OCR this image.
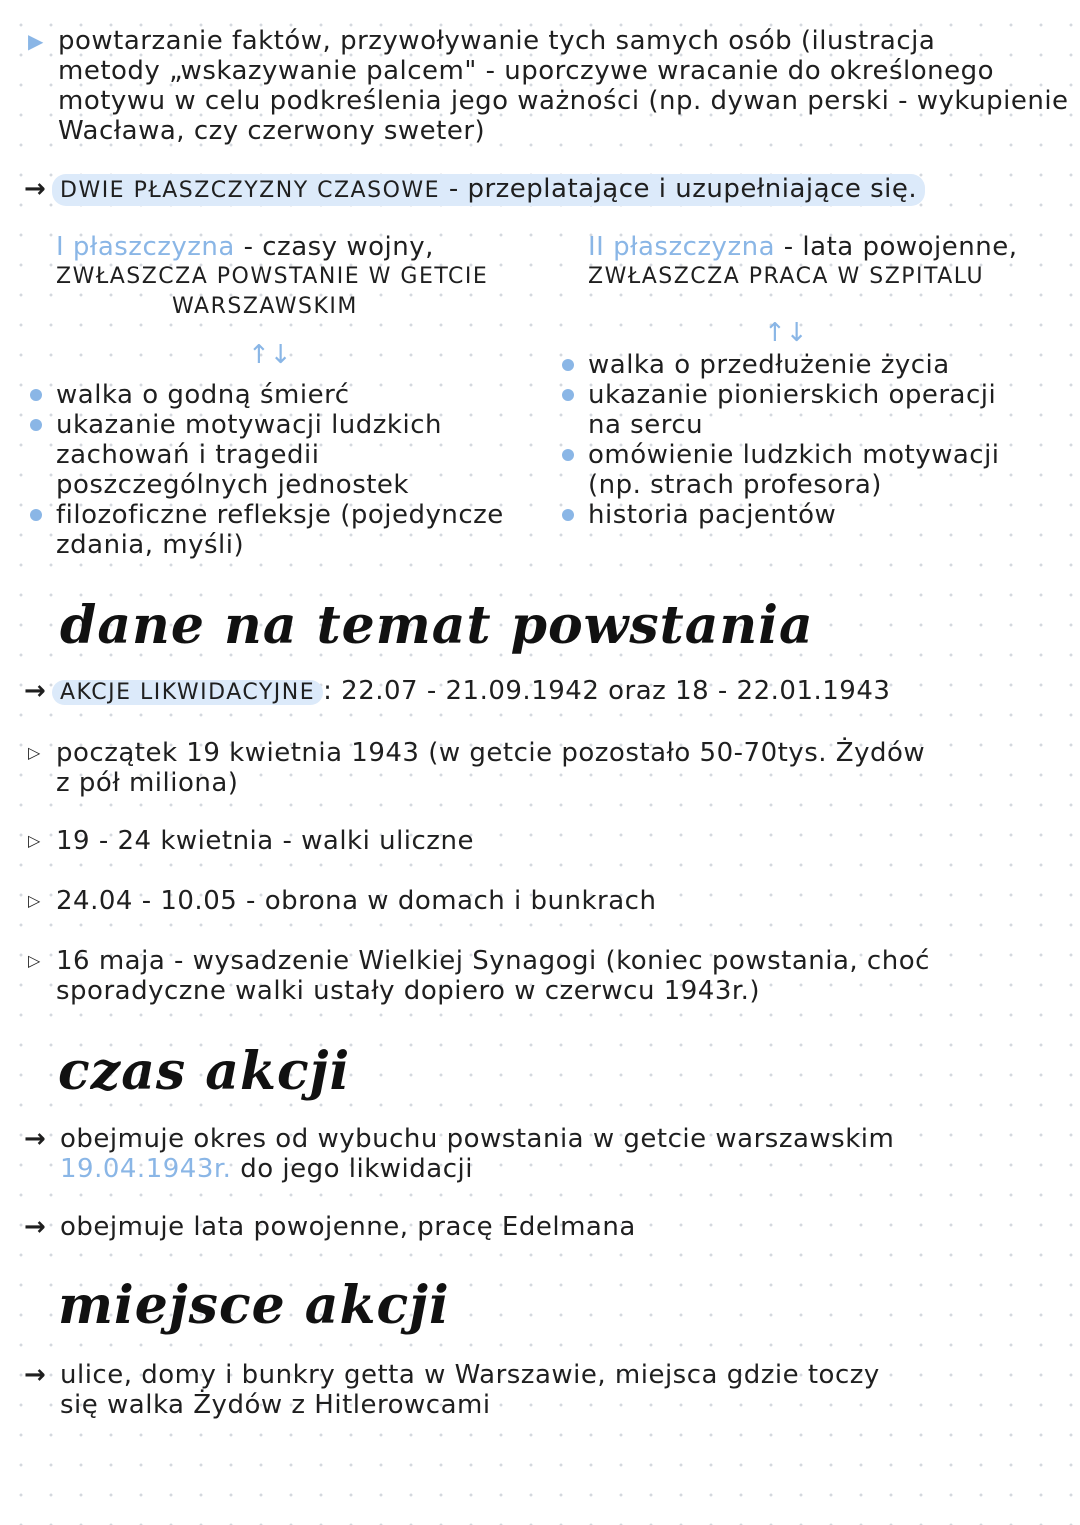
▶ powtarzanie faktów, przywoływanie tych samych osób (ilustracja
metody „wskazywanie palcem" - uporczywe wracanie do określonego
motywu w celu podkreślenia jego ważności (np. dywan perski - wykupienie
Wacława, czy czerwony sweter)
→ DWIE PŁASZCZYZNY CZASOWE - przeplatające i uzupełniające się.
I płaszczyzna - czasy wojny,
ZWŁASZCZA POWSTANIE W GETCIE
WARSZAWSKIM
↑↓
walka o godną śmierć
ukazanie motywacji ludzkich
zachowań i tragedii
poszczególnych jednostek
filozoficzne refleksje (pojedyncze
zdania, myśli)
II płaszczyzna - lata powojenne,
ZWŁASZCZA PRACA W SZPITALU
↑↓
walka o przedłużenie życia
ukazanie pionierskich operacji
na sercu
omówienie ludzkich motywacji
(np. strach profesora)
historia pacjentów
dane na temat powstania
→ AKCJE LIKWIDACYJNE : 22.07 - 21.09.1942 oraz 18 - 22.01.1943
▷ początek 19 kwietnia 1943 (w getcie pozostało 50-70tys. Żydów
z pół miliona)
▷ 19 - 24 kwietnia - walki uliczne
▷ 24.04 - 10.05 - obrona w domach i bunkrach
▷ 16 maja - wysadzenie Wielkiej Synagogi (koniec powstania, choć
sporadyczne walki ustały dopiero w czerwcu 1943r.)
czas akcji
→ obejmuje okres od wybuchu powstania w getcie warszawskim
19.04.1943r. do jego likwidacji
→ obejmuje lata powojenne, pracę Edelmana
miejsce akcji
→ ulice, domy i bunkry getta w Warszawie, miejsca gdzie toczy
się walka Żydów z Hitlerowcami
